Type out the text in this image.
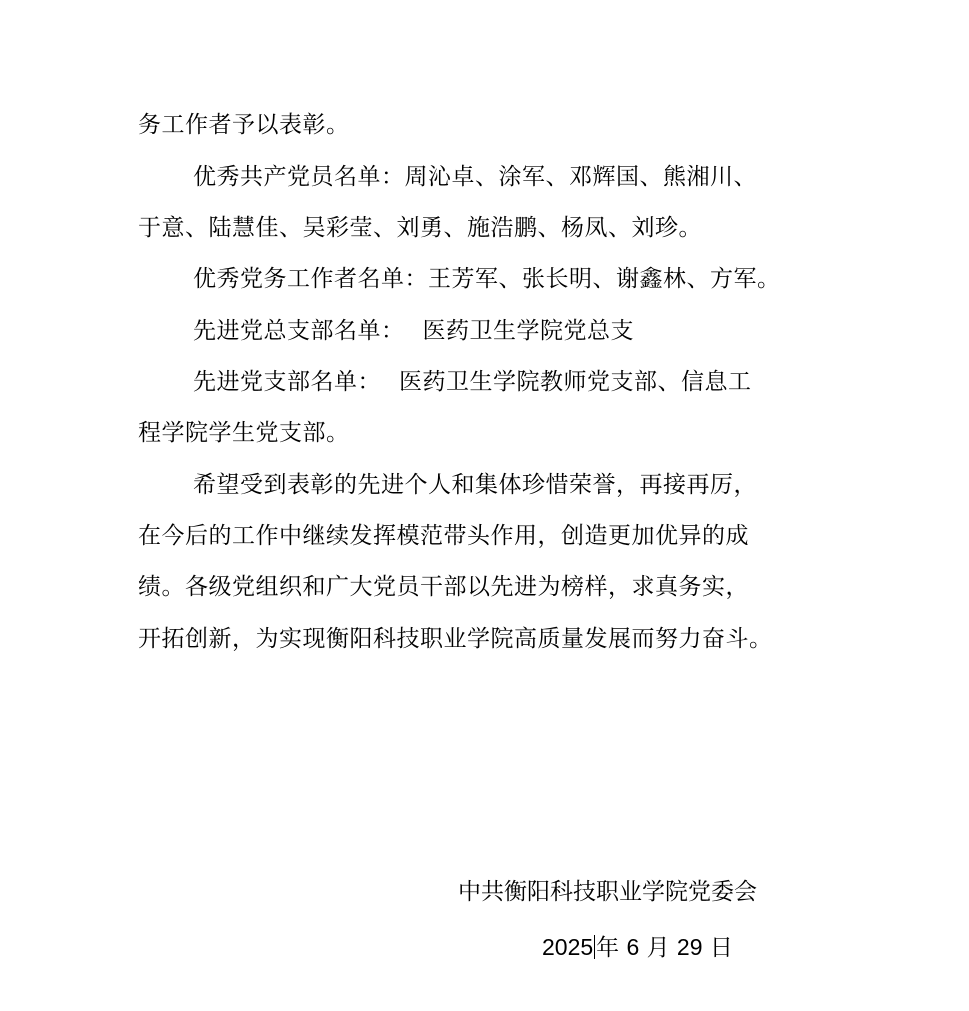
务工作者予以表彰。
优秀共产党员名单：周沁卓、涂军、邓辉国、熊湘川、
于意、陆慧佳、吴彩莹、刘勇、施浩鹏、杨凤、刘珍。
优秀党务工作者名单：王芳军、张长明、谢鑫林、方军。
先进党总支部名单： 医药卫生学院党总支
先进党支部名单： 医药卫生学院教师党支部、信息工
程学院学生党支部。
希望受到表彰的先进个人和集体珍惜荣誉，再接再厉，
在今后的工作中继续发挥模范带头作用，创造更加优异的成
绩。各级党组织和广大党员干部以先进为榜样，求真务实，
开拓创新，为实现衡阳科技职业学院高质量发展而努力奋斗。
中共衡阳科技职业学院党委会
2025 年 6 月 29 日
